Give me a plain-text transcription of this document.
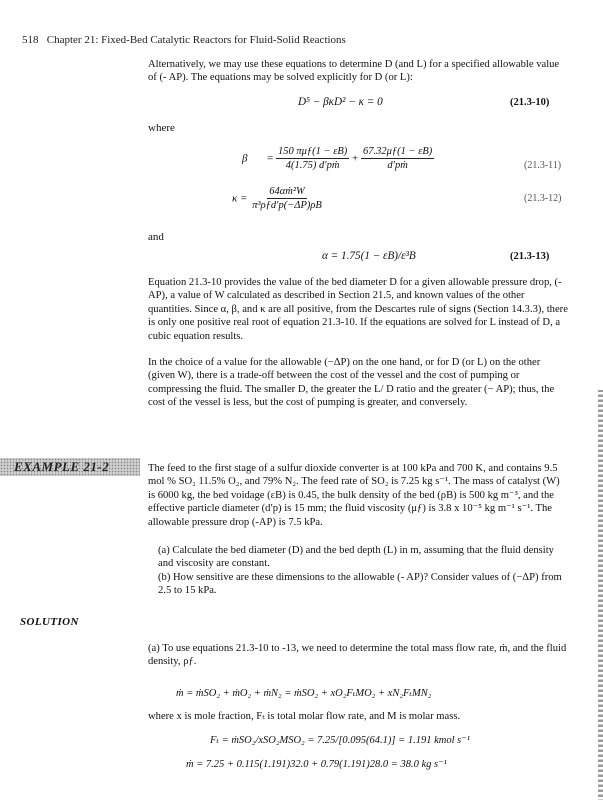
518 Chapter 21: Fixed-Bed Catalytic Reactors for Fluid-Solid Reactions
Alternatively, we may use these equations to determine D (and L) for a specified allowable value of (- AP). The equations may be solved explicitly for D (or L):
D⁵ − βκD² − κ = 0	(21.3-10)
where
$\beta = \frac{\text{150 πμƒ(1 − εB)}}{\text{4(1.75) d′pṁ}} + \frac{67.32\mu ƒ(1 - \varepsilon B)}{\text{d′pṁ}}$	(21.3-11)
$\kappa = \frac{\text{64αṁ²W}}{\text{π³ρƒd′p(−ΔP)ρB}}$	(21.3-12)
and
α = 1.75(1 − εB)/ε³B	(21.3-13)
Equation 21.3-10 provides the value of the bed diameter D for a given allowable pressure drop, (-AP), a value of W calculated as described in Section 21.5, and known values of the other quantities. Since α, β, and κ are all positive, from the Descartes rule of signs (Section 14.3.3), there is only one positive real root of equation 21.3-10. If the equations are solved for L instead of D, a cubic equation results.
In the choice of a value for the allowable (−ΔP) on the one hand, or for D (or L) on the other (given W), there is a trade-off between the cost of the vessel and the cost of pumping or compressing the fluid. The smaller D, the greater the L/ D ratio and the greater (− AP); thus, the cost of the vessel is less, but the cost of pumping is greater, and conversely.
EXAMPLE 21-2	The feed to the first stage of a sulfur dioxide converter is at 100 kPa and 700 K, and contains 9.5 mol % SO₂ 11.5% O₂, and 79% N₂. The feed rate of SO₂ is 7.25 kg s⁻¹. The mass of catalyst (W) is 6000 kg, the bed voidage (εB) is 0.45, the bulk density of the bed (ρB) is 500 kg m⁻³, and the effective particle diameter (d′p) is 15 mm; the fluid viscosity (μƒ) is 3.8 x 10⁻⁵ kg m⁻¹ s⁻¹. The allowable pressure drop (-AP) is 7.5 kPa.
(a) Calculate the bed diameter (D) and the bed depth (L) in m, assuming that the fluid density and viscosity are constant.
(b) How sensitive are these dimensions to the allowable (- AP)? Consider values of (−ΔP) from 2.5 to 15 kPa.
SOLUTION
(a) To use equations 21.3-10 to -13, we need to determine the total mass flow rate, ṁ, and the fluid density, ρƒ.
ṁ = ṁSO₂ + ṁO₂ + ṁN₂ = ṁSO₂ + xO₂FₜMO₂ + xN₂FₜMN₂
where x is mole fraction, Fₜ is total molar flow rate, and M is molar mass.
Fₜ = ṁSO₂/xSO₂MSO₂ = 7.25/[0.095(64.1)] = 1.191 kmol s⁻¹
ṁ = 7.25 + 0.115(1.191)32.0 + 0.79(1.191)28.0 = 38.0 kg s⁻¹
